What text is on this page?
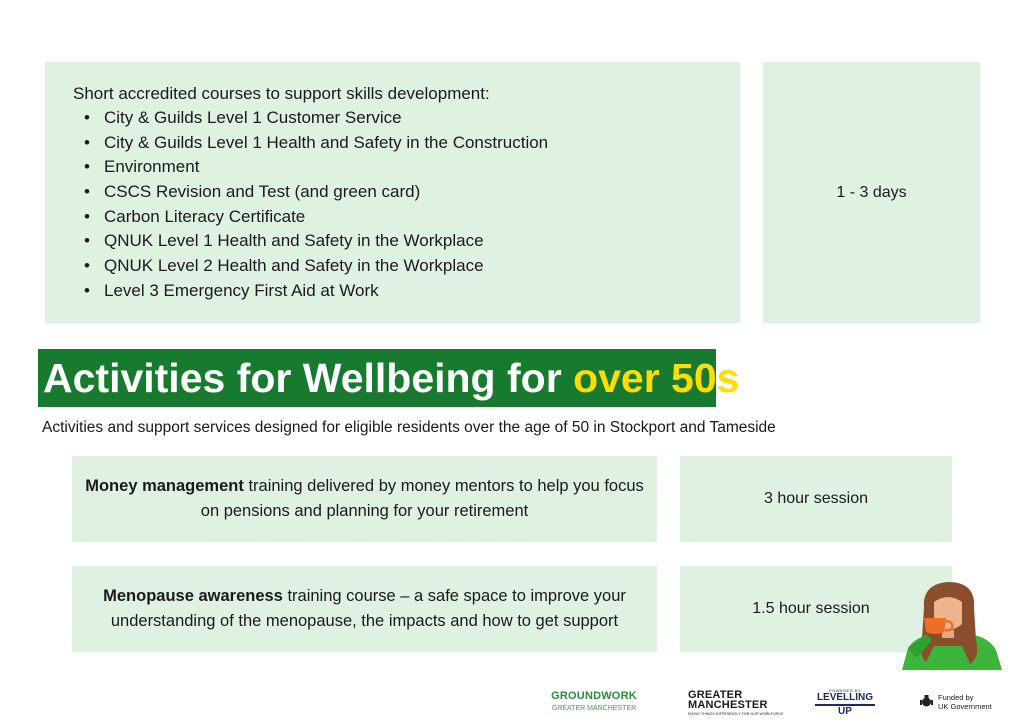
Short accredited courses to support skills development:
• City & Guilds Level 1 Customer Service
• City & Guilds Level 1 Health and Safety in the Construction
• Environment
• CSCS Revision and Test (and green card)
• Carbon Literacy Certificate
• QNUK Level 1 Health and Safety in the Workplace
• QNUK Level 2 Health and Safety in the Workplace
• Level 3 Emergency First Aid at Work
1 - 3 days
Activities for Wellbeing for over 50s
Activities and support services designed for eligible residents over the age of 50 in Stockport and Tameside
Money management training delivered by money mentors to help you focus on pensions and planning for your retirement
3 hour session
Menopause awareness training course – a safe space to improve your understanding of the menopause, the impacts and how to get support
1.5 hour session
GROUNDWORK
GREATER MANCHESTER
GREATER
MANCHESTER
DOING THINGS DIFFERENTLY FOR OUR WORKFORCE
POWERED BY
LEVELLING
UP
Funded by
UK Government
